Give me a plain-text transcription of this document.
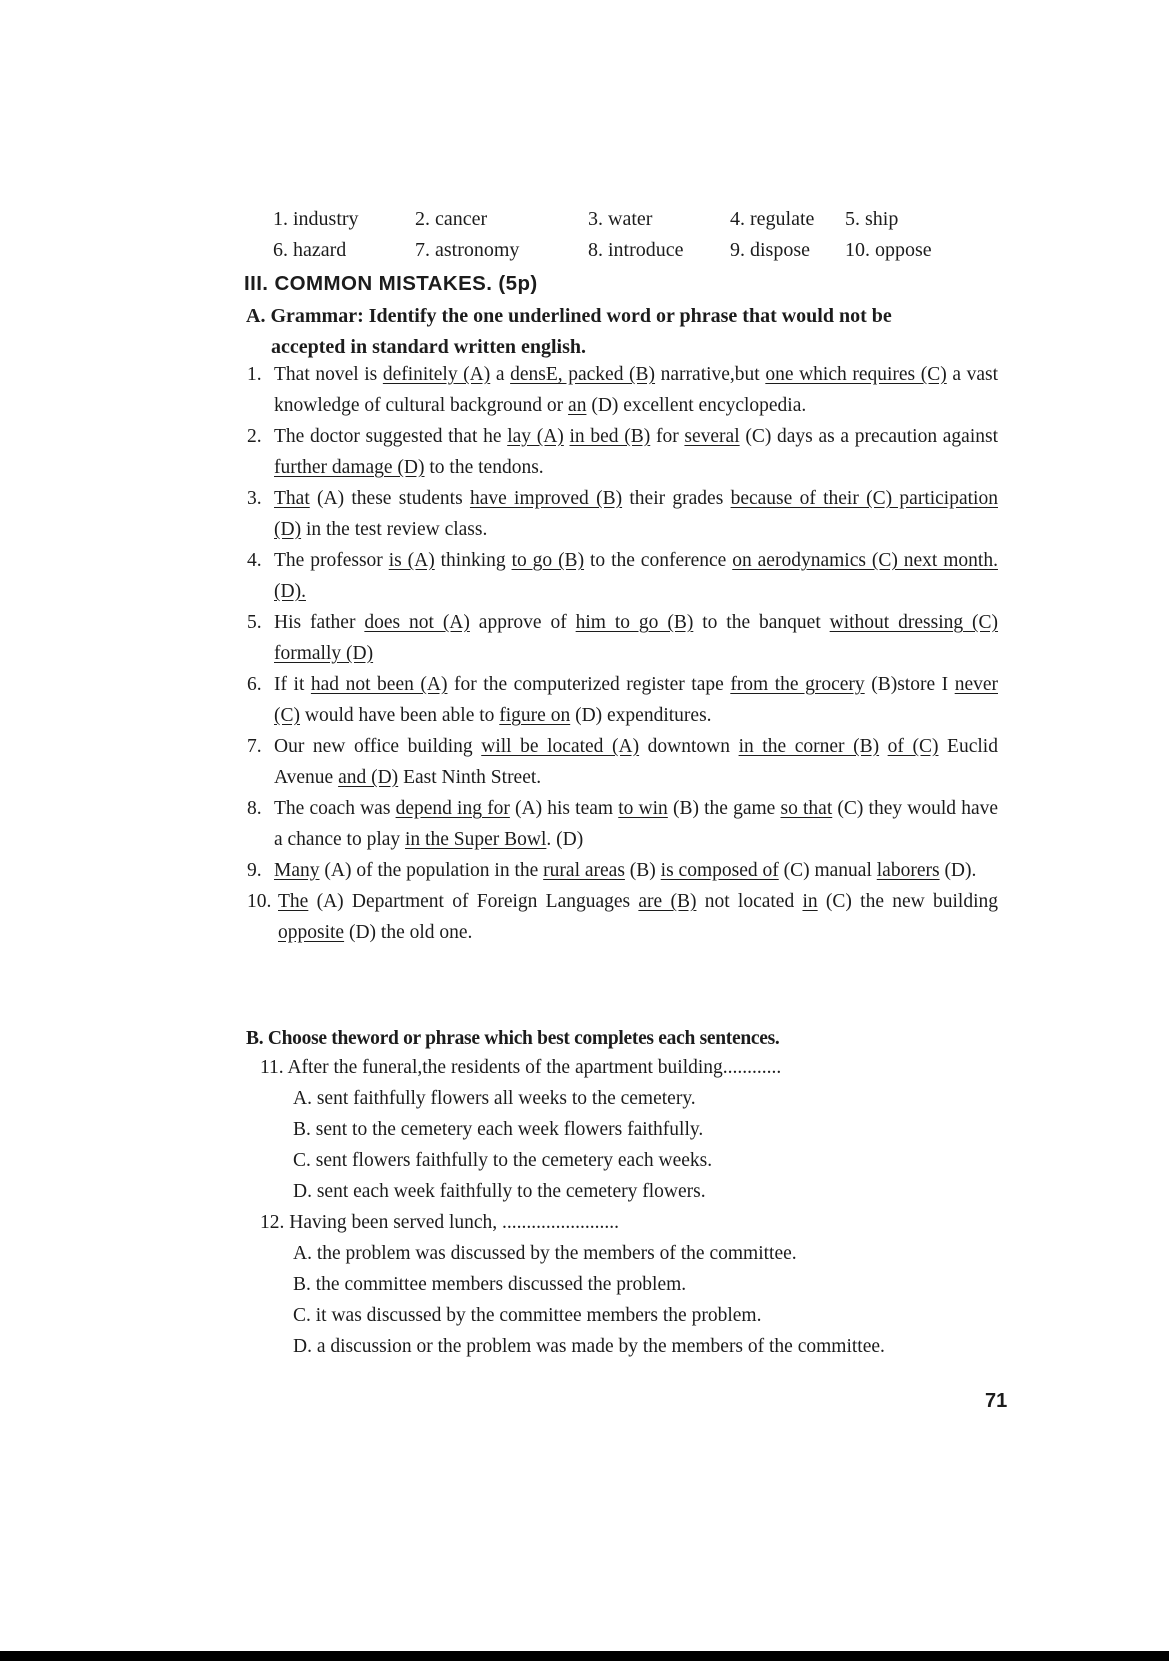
1. industry	2. cancer	3. water	4. regulate 5. ship
6. hazard	7. astronomy	8. introduce 9. dispose 10. oppose
III. COMMON MISTAKES. (5p)
A. Grammar: Identify the one underlined word or phrase that would not be
accepted in standard written english.
1. That novel is definitely (A) a densE, packed (B) narrative,but one which requires (C) a vast knowledge of cultural background or an (D) excellent encyclopedia.
2. The doctor suggested that he lay (A) in bed (B) for several (C) days as a precaution against further damage (D) to the tendons.
3. That (A) these students have improved (B) their grades because of their (C) participation (D) in the test review class.
4. The professor is (A) thinking to go (B) to the conference on aerodynamics (C) next month. (D).
5. His father does not (A) approve of him to go (B) to the banquet without dressing (C) formally (D)
6. If it had not been (A) for the computerized register tape from the grocery (B)store I never (C) would have been able to figure on (D) expenditures.
7. Our new office building will be located (A) downtown in the corner (B) of (C) Euclid Avenue and (D) East Ninth Street.
8. The coach was depend ing for (A) his team to win (B) the game so that (C) they would have a chance to play in the Super Bowl. (D)
9. Many (A) of the population in the rural areas (B) is composed of (C) manual laborers (D).
10. The (A) Department of Foreign Languages are (B) not located in (C) the new building opposite (D) the old one.
B. Choose theword or phrase which best completes each sentences.
11. After the funeral,the residents of the apartment building............
A. sent faithfully flowers all weeks to the cemetery.
B. sent to the cemetery each week flowers faithfully.
C. sent flowers faithfully to the cemetery each weeks.
D. sent each week faithfully to the cemetery flowers.
12. Having been served lunch, ........................
A. the problem was discussed by the members of the committee.
B. the committee members discussed the problem.
C. it was discussed by the committee members the problem.
D. a discussion or the problem was made by the members of the committee.
71
